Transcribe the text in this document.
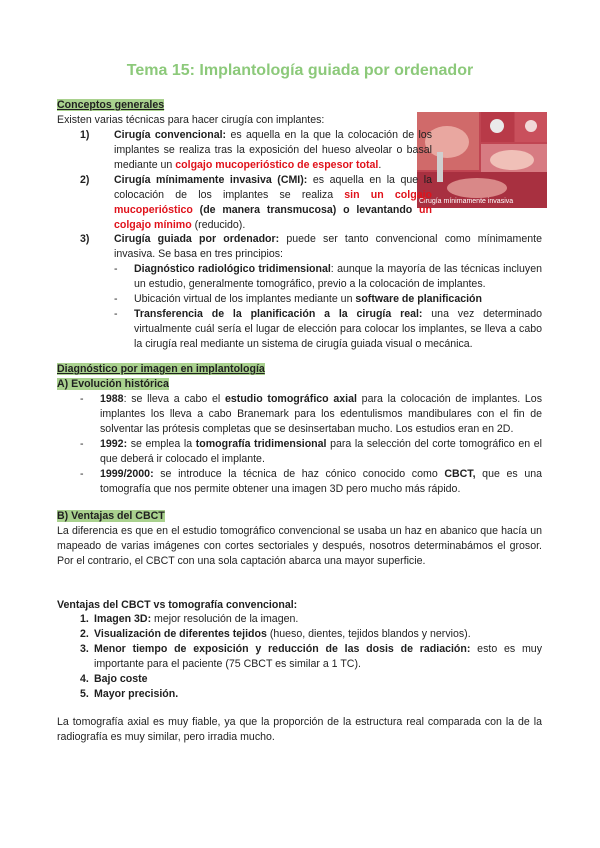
Tema 15: Implantología guiada por ordenador
Conceptos generales
Existen varias técnicas para hacer cirugía con implantes:
Cirugía mínimamente invasiva
1) Cirugía convencional: es aquella en la que la colocación de los implantes se realiza tras la exposición del hueso alveolar o basal mediante un colgajo mucoperióstico de espesor total.
2) Cirugía mínimamente invasiva (CMI): es aquella en la que la colocación de los implantes se realiza sin un colgajo mucoperióstico (de manera transmucosa) o levantando un colgajo mínimo (reducido).
3) Cirugía guiada por ordenador: puede ser tanto convencional como mínimamente invasiva. Se basa en tres principios:
- Diagnóstico radiológico tridimensional: aunque la mayoría de las técnicas incluyen un estudio, generalmente tomográfico, previo a la colocación de implantes.
- Ubicación virtual de los implantes mediante un software de planificación
- Transferencia de la planificación a la cirugía real: una vez determinado virtualmente cuál sería el lugar de elección para colocar los implantes, se lleva a cabo la cirugía real mediante un sistema de cirugía guiada visual o mecánica.
Diagnóstico por imagen en implantología
A) Evolución histórica
- 1988: se lleva a cabo el estudio tomográfico axial para la colocación de implantes. Los implantes los lleva a cabo Branemark para los edentulismos mandibulares con el fin de solventar las prótesis completas que se desinsertaban mucho. Los estudios eran en 2D.
- 1992: se emplea la tomografía tridimensional para la selección del corte tomográfico en el que deberá ir colocado el implante.
- 1999/2000: se introduce la técnica de haz cónico conocido como CBCT, que es una tomografía que nos permite obtener una imagen 3D pero mucho más rápido.
B) Ventajas del CBCT
La diferencia es que en el estudio tomográfico convencional se usaba un haz en abanico que hacía un mapeado de varias imágenes con cortes sectoriales y después, nosotros determinabámos el grosor. Por el contrario, el CBCT con una sola captación abarca una mayor superficie.
Ventajas del CBCT vs tomografía convencional:
1. Imagen 3D: mejor resolución de la imagen.
2. Visualización de diferentes tejidos (hueso, dientes, tejidos blandos y nervios).
3. Menor tiempo de exposición y reducción de las dosis de radiación: esto es muy importante para el paciente (75 CBCT es similar a 1 TC).
4. Bajo coste
5. Mayor precisión.
La tomografía axial es muy fiable, ya que la proporción de la estructura real comparada con la de la radiografía es muy similar, pero irradia mucho.
